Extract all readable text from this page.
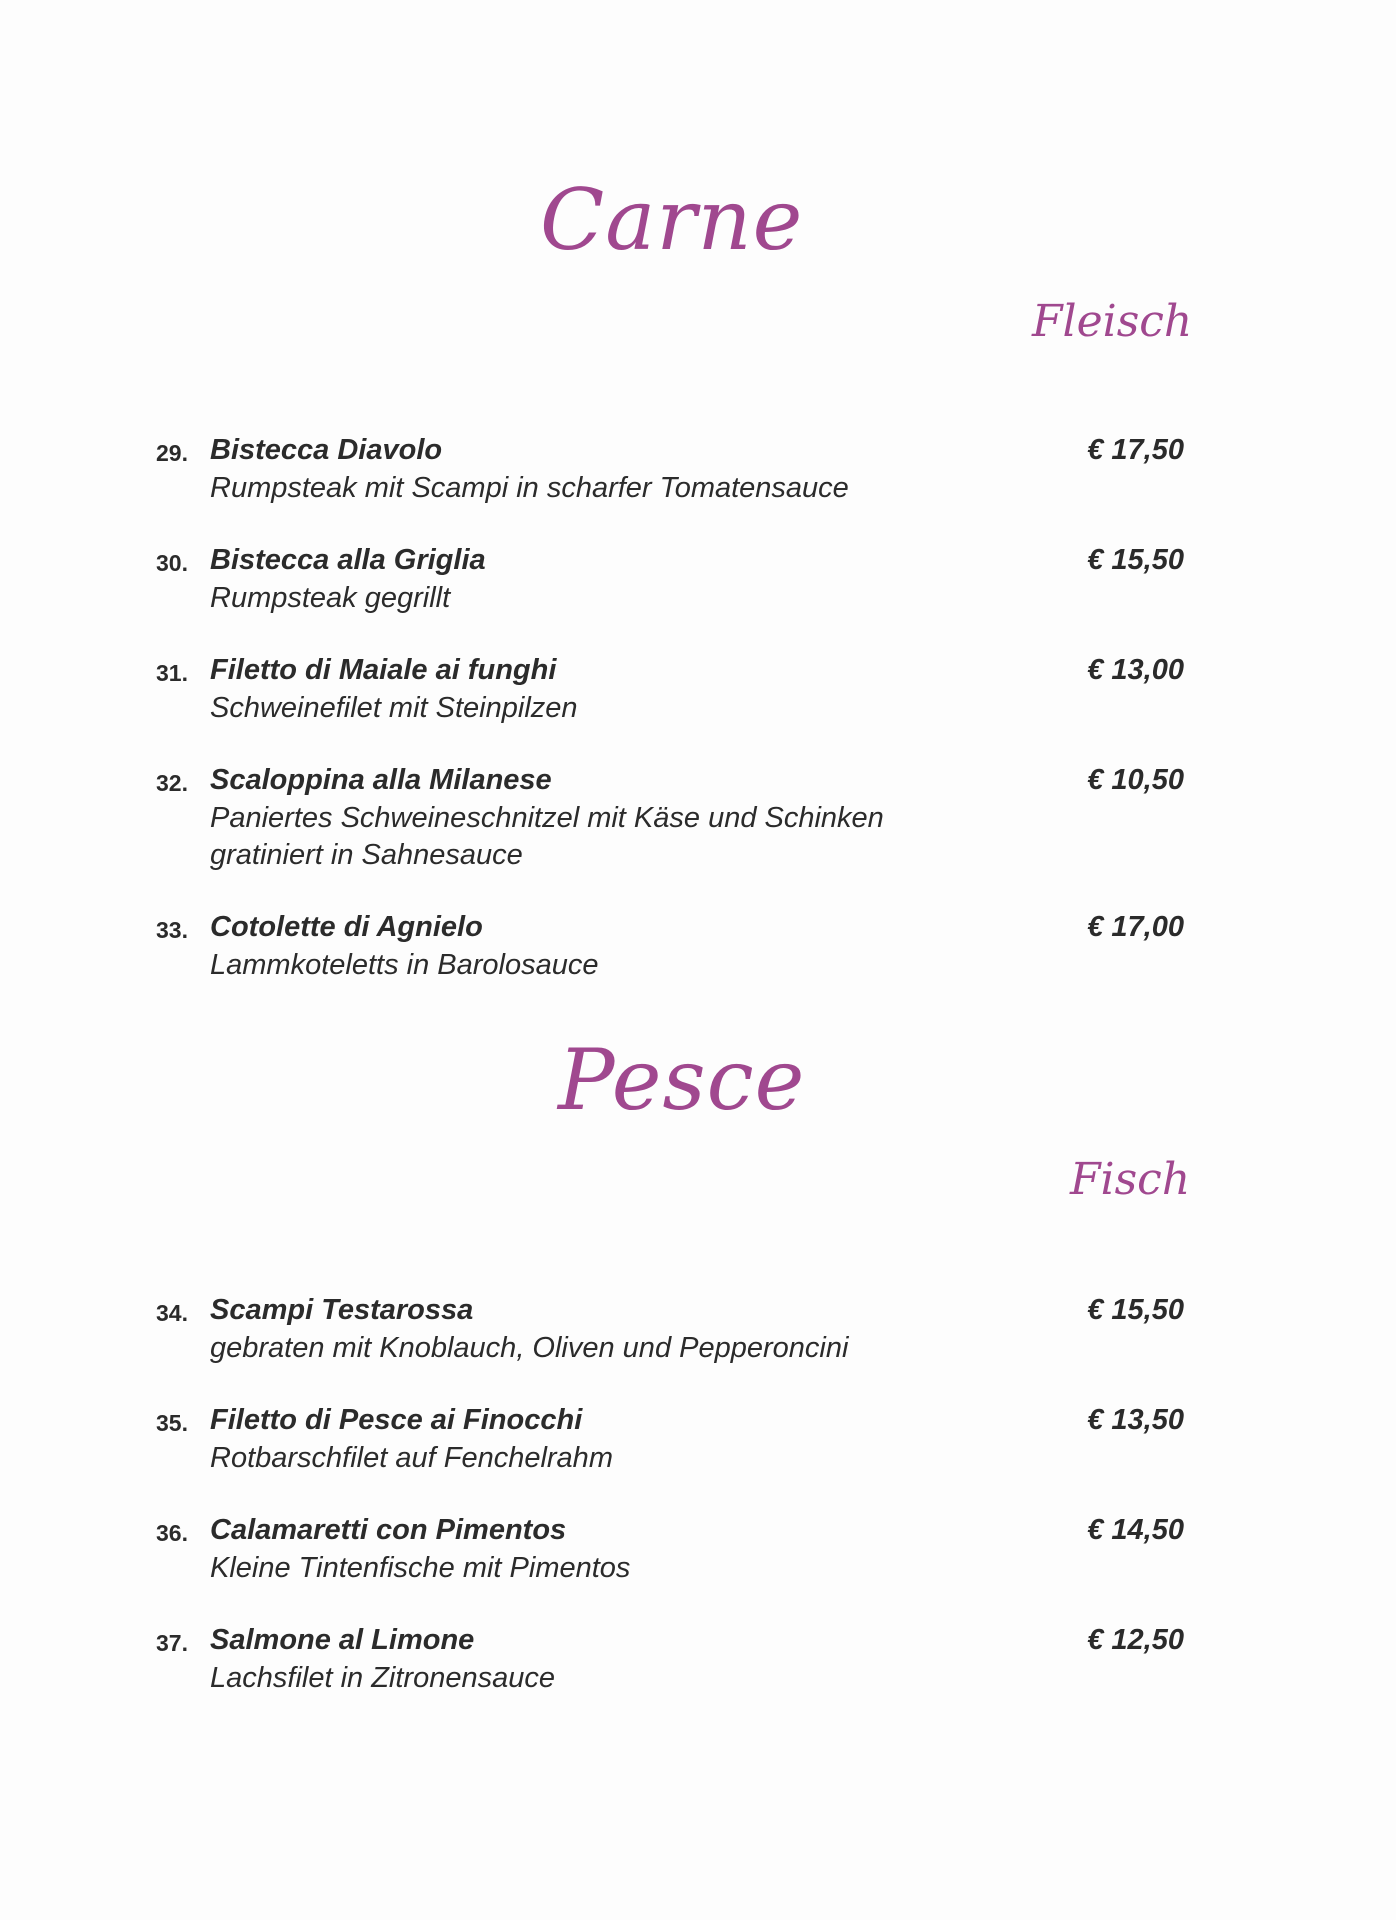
Carne
Fleisch
29. Bistecca Diavolo
Rumpsteak mit Scampi in scharfer Tomatensauce
€ 17,50
30. Bistecca alla Griglia
Rumpsteak gegrillt
€ 15,50
31. Filetto di Maiale ai funghi
Schweinefilet mit Steinpilzen
€ 13,00
32. Scaloppina alla Milanese
Paniertes Schweineschnitzel mit Käse und Schinken gratiniert in Sahnesauce
€ 10,50
33. Cotolette di Agnielo
Lammkoteletts in Barolosauce
€ 17,00
Pesce
Fisch
34. Scampi Testarossa
gebraten mit Knoblauch, Oliven und Pepperoncini
€ 15,50
35. Filetto di Pesce ai Finocchi
Rotbarschfilet auf Fenchelrahm
€ 13,50
36. Calamaretti con Pimentos
Kleine Tintenfische mit Pimentos
€ 14,50
37. Salmone al Limone
Lachsfilet in Zitronensauce
€ 12,50
